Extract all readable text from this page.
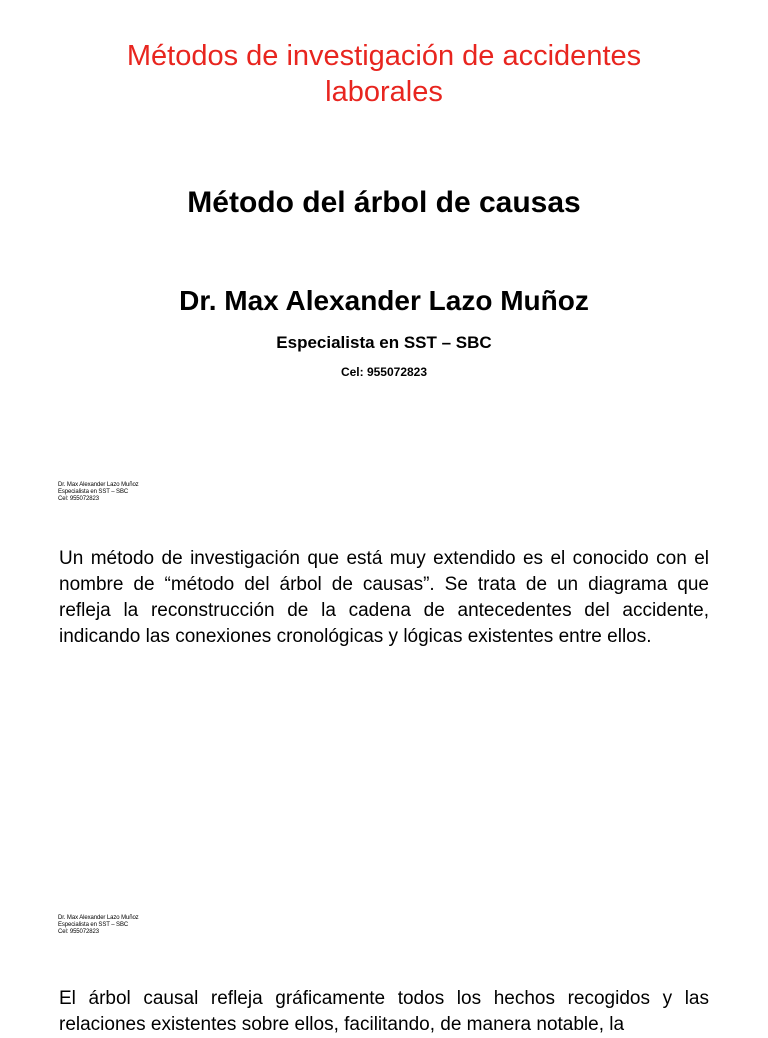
Métodos de investigación de accidentes
laborales
Método del árbol de causas
Dr. Max Alexander Lazo Muñoz
Especialista en SST – SBC
Cel: 955072823
Dr. Max Alexander Lazo Muñoz
Especialista en SST – SBC
Cel: 955072823
Un método de investigación que está muy extendido es el conocido con el nombre de “método del árbol de causas”. Se trata de un diagrama que refleja la reconstrucción de la cadena de antecedentes del accidente, indicando las conexiones cronológicas y lógicas existentes entre ellos.
Dr. Max Alexander Lazo Muñoz
Especialista en SST – SBC
Cel: 955072823
El árbol causal refleja gráficamente todos los hechos recogidos y las relaciones existentes sobre ellos, facilitando, de manera notable, la
